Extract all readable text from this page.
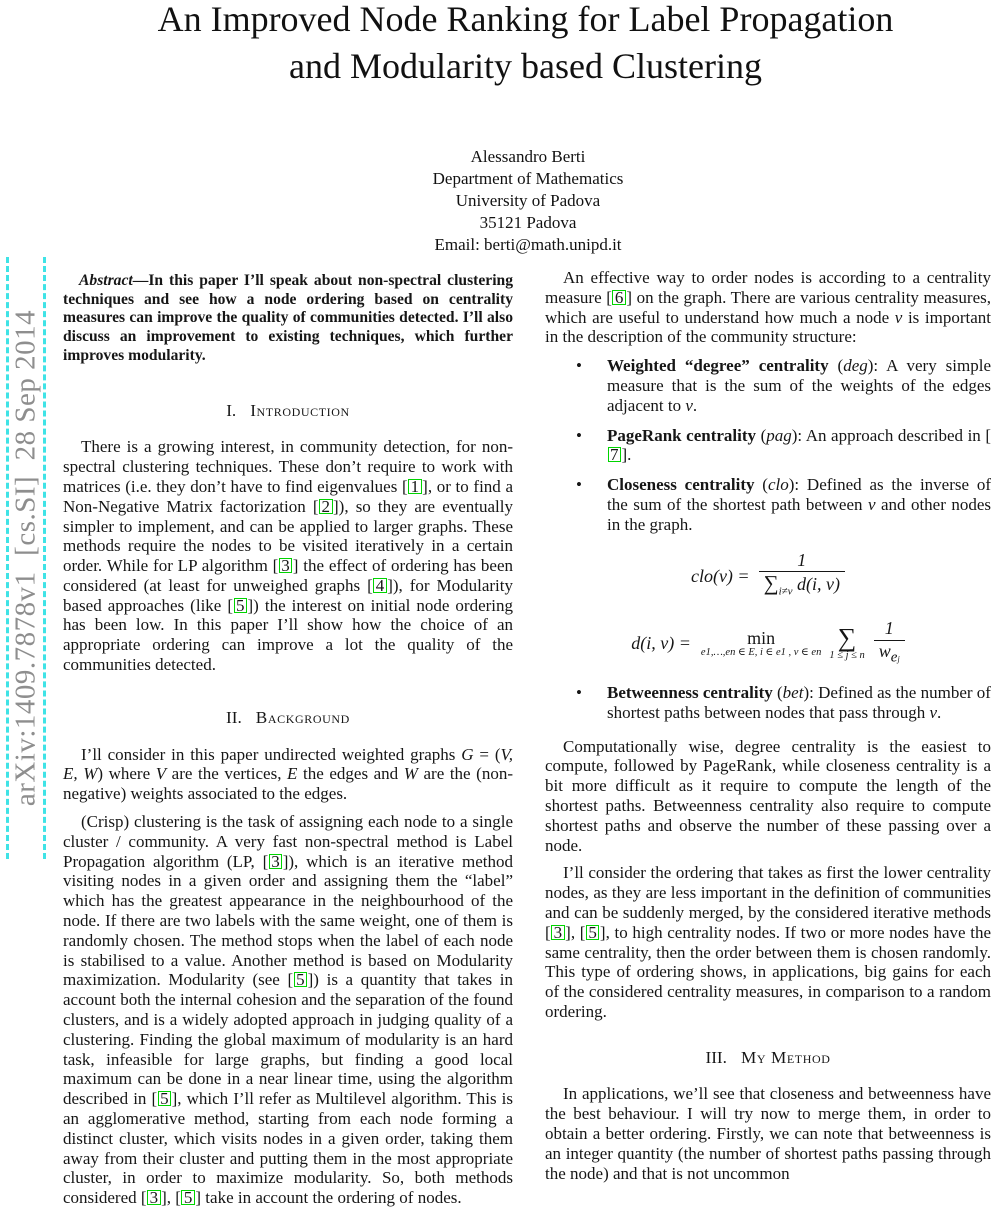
An Improved Node Ranking for Label Propagation
and Modularity based Clustering
Alessandro Berti
Department of Mathematics
University of Padova
35121 Padova
Email: berti@math.unipd.it
arXiv:1409.7878v1  [cs.SI]  28 Sep 2014

Abstract—In this paper I’ll speak about non-spectral clustering techniques and see how a node ordering based on centrality measures can improve the quality of communities detected. I’ll also discuss an improvement to existing techniques, which further improves modularity.

I. Introduction

There is a growing interest, in community detection, for non-spectral clustering techniques. These don’t require to work with matrices (i.e. they don’t have to find eigenvalues [ 1 ], or to find a Non-Negative Matrix factorization [ 2 ]), so they are eventually simpler to implement, and can be applied to larger graphs. These methods require the nodes to be visited iteratively in a certain order. While for LP algorithm [ 3 ] the effect of ordering has been considered (at least for unweighed graphs [ 4 ]), for Modularity based approaches (like [ 5 ]) the interest on initial node ordering has been low. In this paper I’ll show how the choice of an appropriate ordering can improve a lot the quality of the communities detected.

II. Background

I’ll consider in this paper undirected weighted graphs G = (V, E, W) where V are the vertices, E the edges and W are the (non-negative) weights associated to the edges.

(Crisp) clustering is the task of assigning each node to a single cluster / community. A very fast non-spectral method is Label Propagation algorithm (LP, [ 3 ]), which is an iterative method visiting nodes in a given order and assigning them the “label” which has the greatest appearance in the neighbourhood of the node. If there are two labels with the same weight, one of them is randomly chosen. The method stops when the label of each node is stabilised to a value. Another method is based on Modularity maximization. Modularity (see [ 5 ]) is a quantity that takes in account both the internal cohesion and the separation of the found clusters, and is a widely adopted approach in judging quality of a clustering. Finding the global maximum of modularity is an hard task, infeasible for large graphs, but finding a good local maximum can be done in a near linear time, using the algorithm described in [ 5 ], which I’ll refer as Multilevel algorithm. This is an agglomerative method, starting from each node forming a distinct cluster, which visits nodes in a given order, taking them away from their cluster and putting them in the most appropriate cluster, in order to maximize modularity. So, both methods considered [ 3 ], [ 5 ] take in account the ordering of nodes.

An effective way to order nodes is according to a centrality measure [ 6 ] on the graph. There are various centrality measures, which are useful to understand how much a node v is important in the description of the community structure:

•	Weighted “degree” centrality (deg): A very simple measure that is the sum of the weights of the edges adjacent to v.
•	PageRank centrality (pag): An approach described in [7 ].
•	Closeness centrality (clo): Defined as the inverse of the sum of the shortest path between v and other nodes in the graph.
$clo(v) = \frac{1}{\sum_{i\ne v} d(i, v)}$
d(i, v) =	min
e1,…,en ∈ E, i ∈ e1 , v ∈ en
∑
1 ≤ j ≤ n $\frac{1}{w_{ej}}$
•	Betweenness centrality (bet): Defined as the number of shortest paths between nodes that pass through v.

Computationally wise, degree centrality is the easiest to compute, followed by PageRank, while closeness centrality is a bit more difficult as it require to compute the length of the shortest paths. Betweenness centrality also require to compute shortest paths and observe the number of these passing over a node.

I’ll consider the ordering that takes as first the lower centrality nodes, as they are less important in the definition of communities and can be suddenly merged, by the considered iterative methods [ 3 ], [ 5 ], to high centrality nodes. If two or more nodes have the same centrality, then the order between them is chosen randomly. This type of ordering shows, in applications, big gains for each of the considered centrality measures, in comparison to a random ordering.

III. My Method

In applications, we’ll see that closeness and betweenness have the best behaviour. I will try now to merge them, in order to obtain a better ordering. Firstly, we can note that betweenness is an integer quantity (the number of shortest paths passing through the node) and that is not uncommon
